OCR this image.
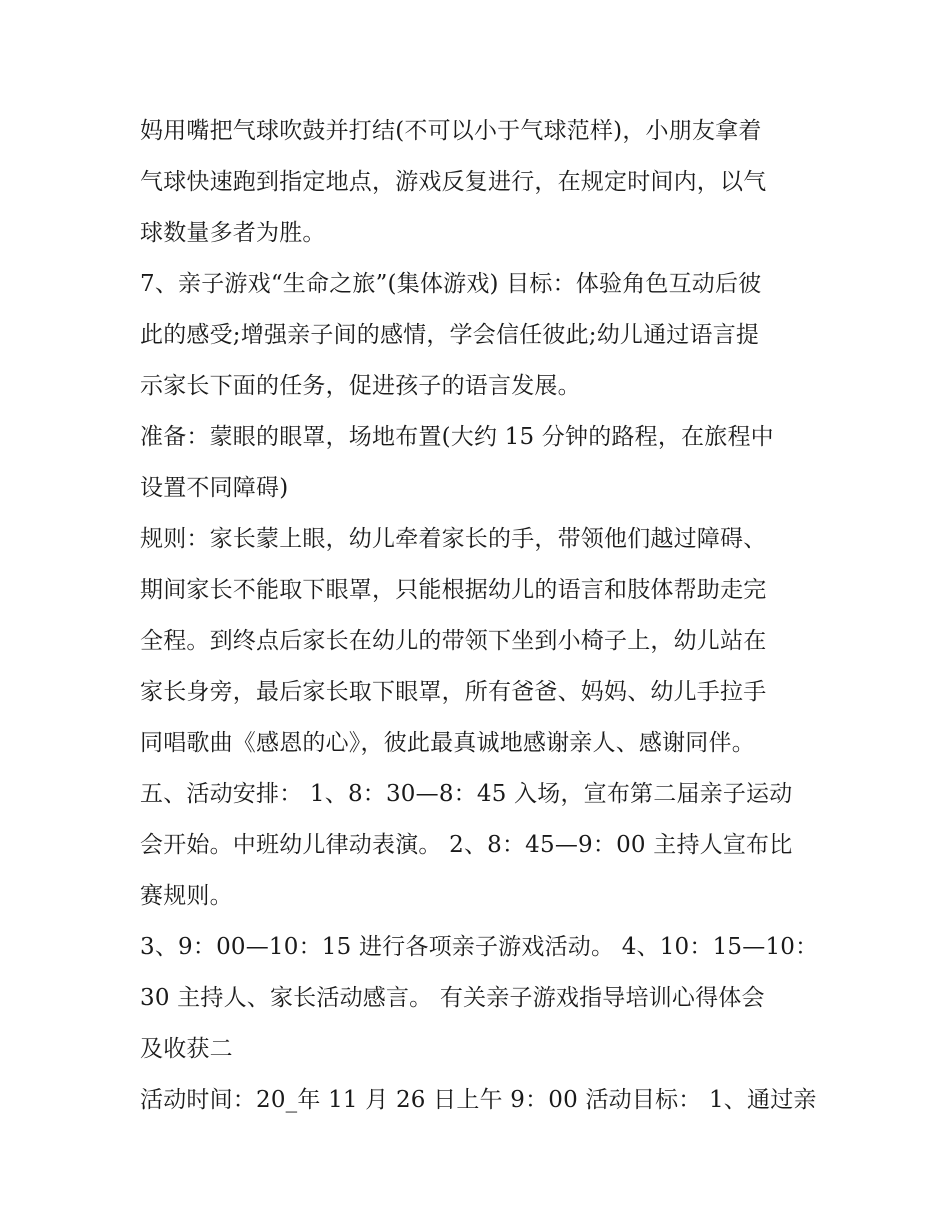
妈用嘴把气球吹鼓并打结(不可以小于气球范样)，小朋友拿着
气球快速跑到指定地点，游戏反复进行，在规定时间内，以气
球数量多者为胜。
7、亲子游戏“生命之旅”(集体游戏) 目标：体验角色互动后彼
此的感受;增强亲子间的感情，学会信任彼此;幼儿通过语言提
示家长下面的任务，促进孩子的语言发展。
准备：蒙眼的眼罩，场地布置(大约 15 分钟的路程，在旅程中
设置不同障碍)
规则：家长蒙上眼，幼儿牵着家长的手，带领他们越过障碍、
期间家长不能取下眼罩，只能根据幼儿的语言和肢体帮助走完
全程。到终点后家长在幼儿的带领下坐到小椅子上，幼儿站在
家长身旁，最后家长取下眼罩，所有爸爸、妈妈、幼儿手拉手
同唱歌曲《感恩的心》，彼此最真诚地感谢亲人、感谢同伴。
五、活动安排： 1、8：30—8：45 入场，宣布第二届亲子运动
会开始。中班幼儿律动表演。 2、8：45—9：00 主持人宣布比
赛规则。
3、9：00—10：15 进行各项亲子游戏活动。 4、10：15—10：
30 主持人、家长活动感言。 有关亲子游戏指导培训心得体会
及收获二
活动时间：20_年 11 月 26 日上午 9：00 活动目标： 1、通过亲
